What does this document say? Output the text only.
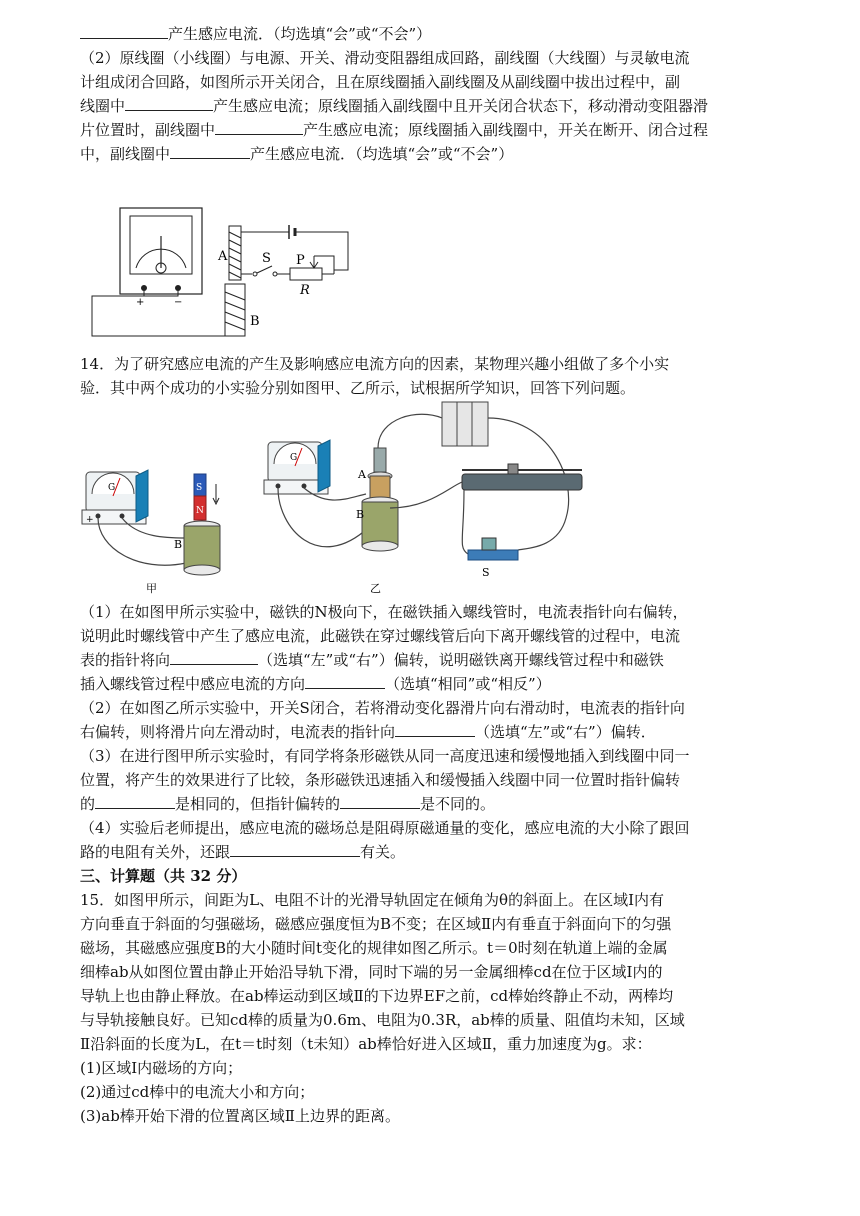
产生感应电流．（均选填“会”或“不会”）
（2）原线圈（小线圈）与电源、开关、滑动变阻器组成回路，副线圈（大线圈）与灵敏电流
计组成闭合回路，如图所示开关闭合，且在原线圈插入副线圈及从副线圈中拔出过程中，副
线圈中	产生感应电流；原线圈插入副线圈中且开关闭合状态下，移动滑动变阻器滑
片位置时，副线圈中	产生感应电流；原线圈插入副线圈中，开关在断开、闭合过程
中，副线圈中	产生感应电流．（均选填“会”或“不会”）
+	−
A
B
S P
R
14．为了研究感应电流的产生及影响感应电流方向的因素，某物理兴趣小组做了多个小实
验．其中两个成功的小实验分别如图甲、乙所示，试根据所学知识，回答下列问题。
G
+
S
N
B
甲
G
A
B
乙
S
（1）在如图甲所示实验中，磁铁的N极向下，在磁铁插入螺线管时，电流表指针向右偏转，
说明此时螺线管中产生了感应电流，此磁铁在穿过螺线管后向下离开螺线管的过程中，电流
表的指针将向	（选填“左”或“右”）偏转，说明磁铁离开螺线管过程中和磁铁
插入螺线管过程中感应电流的方向	（选填“相同”或“相反”）
（2）在如图乙所示实验中，开关S闭合，若将滑动变化器滑片向右滑动时，电流表的指针向
右偏转，则将滑片向左滑动时，电流表的指针向	（选填“左”或“右”）偏转．
（3）在进行图甲所示实验时，有同学将条形磁铁从同一高度迅速和缓慢地插入到线圈中同一
位置，将产生的效果进行了比较，条形磁铁迅速插入和缓慢插入线圈中同一位置时指针偏转
的	是相同的，但指针偏转的	是不同的。
（4）实验后老师提出，感应电流的磁场总是阻碍原磁通量的变化，感应电流的大小除了跟回
路的电阻有关外，还跟	有关。
三、计算题（共 32 分）
15．如图甲所示，间距为L、电阻不计的光滑导轨固定在倾角为θ的斜面上。在区域Ⅰ内有
方向垂直于斜面的匀强磁场，磁感应强度恒为B不变；在区域Ⅱ内有垂直于斜面向下的匀强
磁场，其磁感应强度B的大小随时间t变化的规律如图乙所示。t＝0时刻在轨道上端的金属
细棒ab从如图位置由静止开始沿导轨下滑，同时下端的另一金属细棒cd在位于区域Ⅰ内的
导轨上也由静止释放。在ab棒运动到区域Ⅱ的下边界EF之前，cd棒始终静止不动，两棒均
与导轨接触良好。已知cd棒的质量为0.6m、电阻为0.3R，ab棒的质量、阻值均未知，区域
Ⅱ沿斜面的长度为L，在t＝t时刻（t未知）ab棒恰好进入区域Ⅱ，重力加速度为g。求：
(1)区域Ⅰ内磁场的方向；
(2)通过cd棒中的电流大小和方向；
(3)ab棒开始下滑的位置离区域Ⅱ上边界的距离。
